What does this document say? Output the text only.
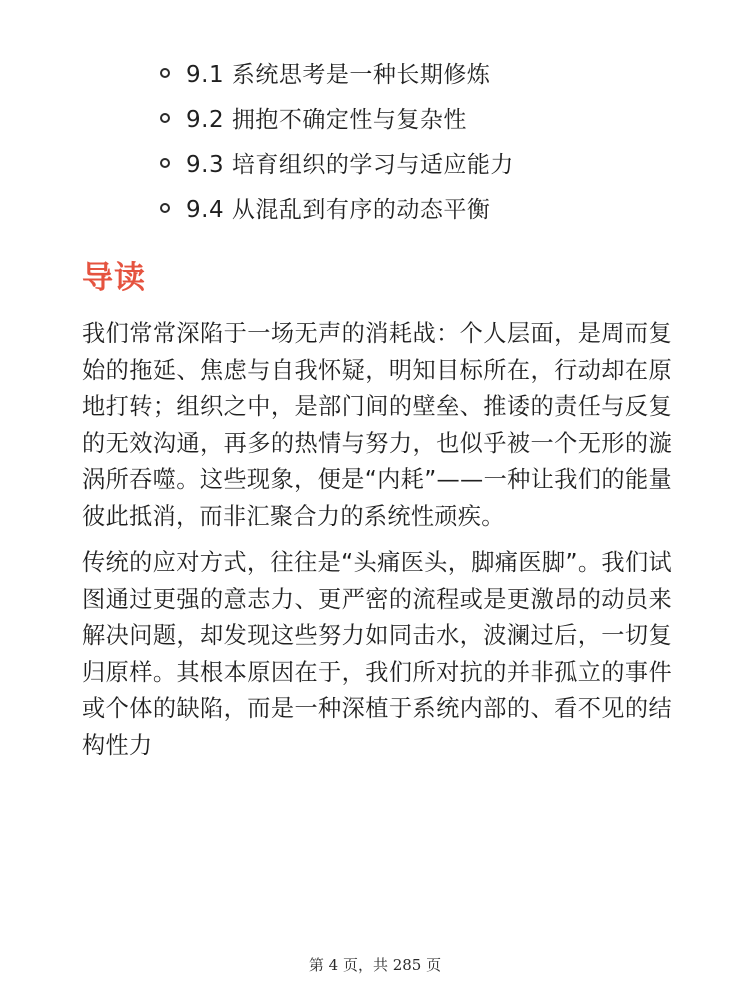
9.1 系统思考是一种长期修炼
9.2 拥抱不确定性与复杂性
9.3 培育组织的学习与适应能力
9.4 从混乱到有序的动态平衡
导读

我们常常深陷于一场无声的消耗战：个人层面，是周而复始的拖延、焦虑与自我怀疑，明知目标所在，行动却在原地打转；组织之中，是部门间的壁垒、推诿的责任与反复的无效沟通，再多的热情与努力，也似乎被一个无形的漩涡所吞噬。这些现象，便是“内耗”——一种让我们的能量彼此抵消，而非汇聚合力的系统性顽疾。

传统的应对方式，往往是“头痛医头，脚痛医脚”。我们试图通过更强的意志力、更严密的流程或是更激昂的动员来解决问题，却发现这些努力如同击水，波澜过后，一切复归原样。其根本原因在于，我们所对抗的并非孤立的事件或个体的缺陷，而是一种深植于系统内部的、看不见的结构性力

第 4 页，共 285 页
